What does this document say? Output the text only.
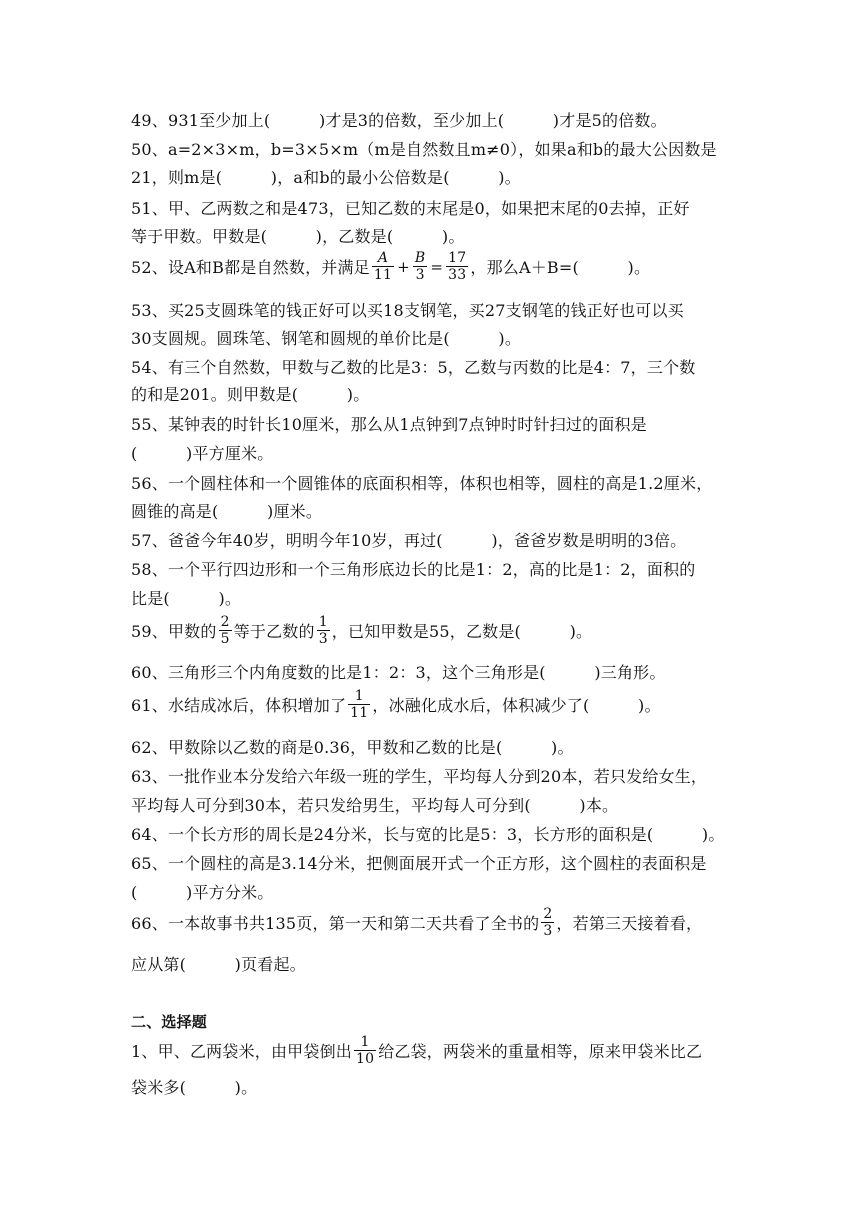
49、931至少加上(　　　)才是3的倍数，至少加上(　　　)才是5的倍数。
50、a=2×3×m，b=3×5×m（m是自然数且m≠0），如果a和b的最大公因数是
21，则m是(　　　)，a和b的最小公倍数是(　　　)。
51、甲、乙两数之和是473，已知乙数的末尾是0，如果把末尾的0去掉，正好
等于甲数。甲数是(　　　)，乙数是(　　　)。
52、设A和B都是自然数，并满足 $\frac{A}{11} + \frac{B}{3} = \frac{17}{33}$ ，那么A＋B=(　　　)。
53、买25支圆珠笔的钱正好可以买18支钢笔，买27支钢笔的钱正好也可以买
30支圆规。圆珠笔、钢笔和圆规的单价比是(　　　)。
54、有三个自然数，甲数与乙数的比是3：5，乙数与丙数的比是4：7，三个数
的和是201。则甲数是(　　　)。
55、某钟表的时针长10厘米，那么从1点钟到7点钟时时针扫过的面积是
(　　　)平方厘米。
56、一个圆柱体和一个圆锥体的底面积相等，体积也相等，圆柱的高是1.2厘米，
圆锥的高是(　　　)厘米。
57、爸爸今年40岁，明明今年10岁，再过(　　　)，爸爸岁数是明明的3倍。
58、一个平行四边形和一个三角形底边长的比是1：2，高的比是1：2，面积的
比是(　　　)。
59、甲数的 $\frac{2}{5}$ 等于乙数的 $\frac{1}{3}$ ，已知甲数是55，乙数是(　　　)。
60、三角形三个内角度数的比是1：2：3，这个三角形是(　　　)三角形。
61、水结成冰后，体积增加了 $\frac{1}{11}$ ，冰融化成水后，体积减少了(　　　)。
62、甲数除以乙数的商是0.36，甲数和乙数的比是(　　　)。
63、一批作业本分发给六年级一班的学生，平均每人分到20本，若只发给女生，
平均每人可分到30本，若只发给男生，平均每人可分到(　　　)本。
64、一个长方形的周长是24分米，长与宽的比是5：3，长方形的面积是(　　　)。
65、一个圆柱的高是3.14分米，把侧面展开式一个正方形，这个圆柱的表面积是
(　　　)平方分米。
66、一本故事书共135页，第一天和第二天共看了全书的 $\frac{2}{3}$ ，若第三天接着看，
应从第(　　　)页看起。
二、选择题
1、甲、乙两袋米，由甲袋倒出 $\frac{1}{10}$ 给乙袋，两袋米的重量相等，原来甲袋米比乙
袋米多(　　　)。
